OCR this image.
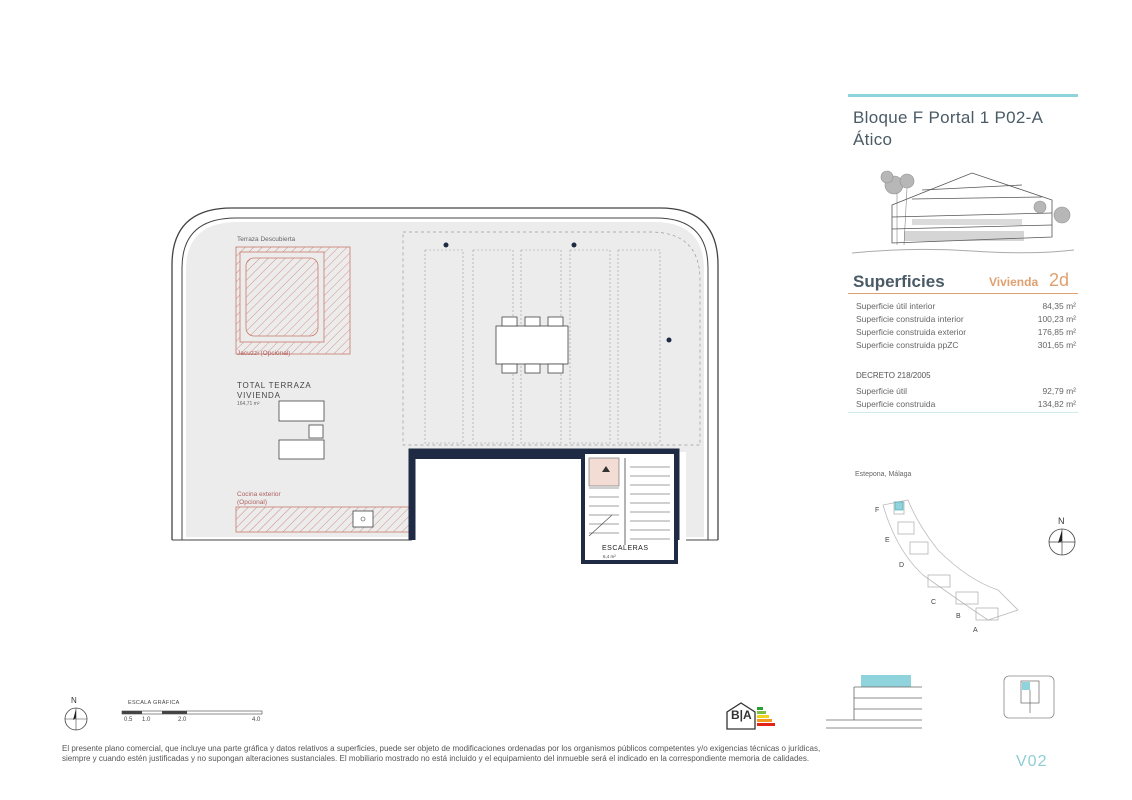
Terraza Descubierta
Jacuzzi (Opcional)
TOTAL TERRAZA
VIVIENDA
164,71 m²
Cocina exterior
(Opcional)
ESCALERAS
6,4 m²
Bloque F Portal 1 P02-A
Ático
Superficies	Vivienda 2d
Superficie útil interior	84,35 m²
Superficie construida interior	100,23 m²
Superficie construida exterior	176,85 m²
Superficie construida ppZC	301,65 m²
DECRETO 218/2005
Superficie útil	92,79 m²
Superficie construida	134,82 m²
Estepona, Málaga
F
E
D
C
B
A
N
N	ESCALA GRÁFICA
0.5 1.0	2.0	4.0	B|A
El presente plano comercial, que incluye una parte gráfica y datos relativos a superficies, puede ser objeto de modificaciones ordenadas por los organismos públicos competentes y/o exigencias técnicas o jurídicas, siempre y cuando estén justificadas y no supongan alteraciones sustanciales. El mobiliario mostrado no está incluido y el equipamiento del inmueble será el indicado en la correspondiente memoria de calidades.	V02
